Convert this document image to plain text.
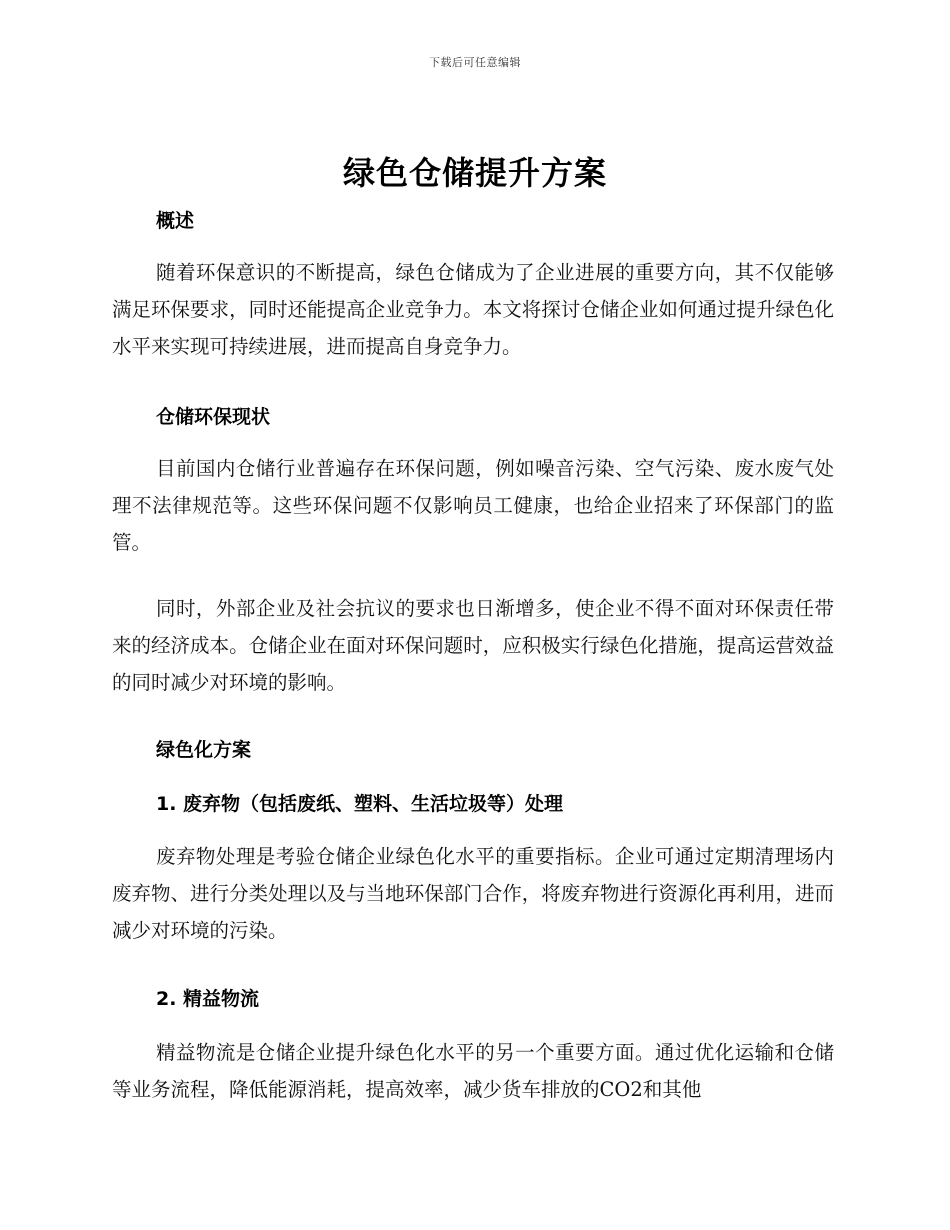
下载后可任意编辑
绿色仓储提升方案
概述
随着环保意识的不断提高，绿色仓储成为了企业进展的重要方向，其不仅能够满足环保要求，同时还能提高企业竞争力。本文将探讨仓储企业如何通过提升绿色化水平来实现可持续进展，进而提高自身竞争力。
仓储环保现状
目前国内仓储行业普遍存在环保问题，例如噪音污染、空气污染、废水废气处理不法律规范等。这些环保问题不仅影响员工健康，也给企业招来了环保部门的监管。
同时，外部企业及社会抗议的要求也日渐增多，使企业不得不面对环保责任带来的经济成本。仓储企业在面对环保问题时，应积极实行绿色化措施，提高运营效益的同时减少对环境的影响。
绿色化方案
1. 废弃物（包括废纸、塑料、生活垃圾等）处理
废弃物处理是考验仓储企业绿色化水平的重要指标。企业可通过定期清理场内废弃物、进行分类处理以及与当地环保部门合作，将废弃物进行资源化再利用，进而减少对环境的污染。
2. 精益物流
精益物流是仓储企业提升绿色化水平的另一个重要方面。通过优化运输和仓储等业务流程，降低能源消耗，提高效率，减少货车排放的CO2和其他
